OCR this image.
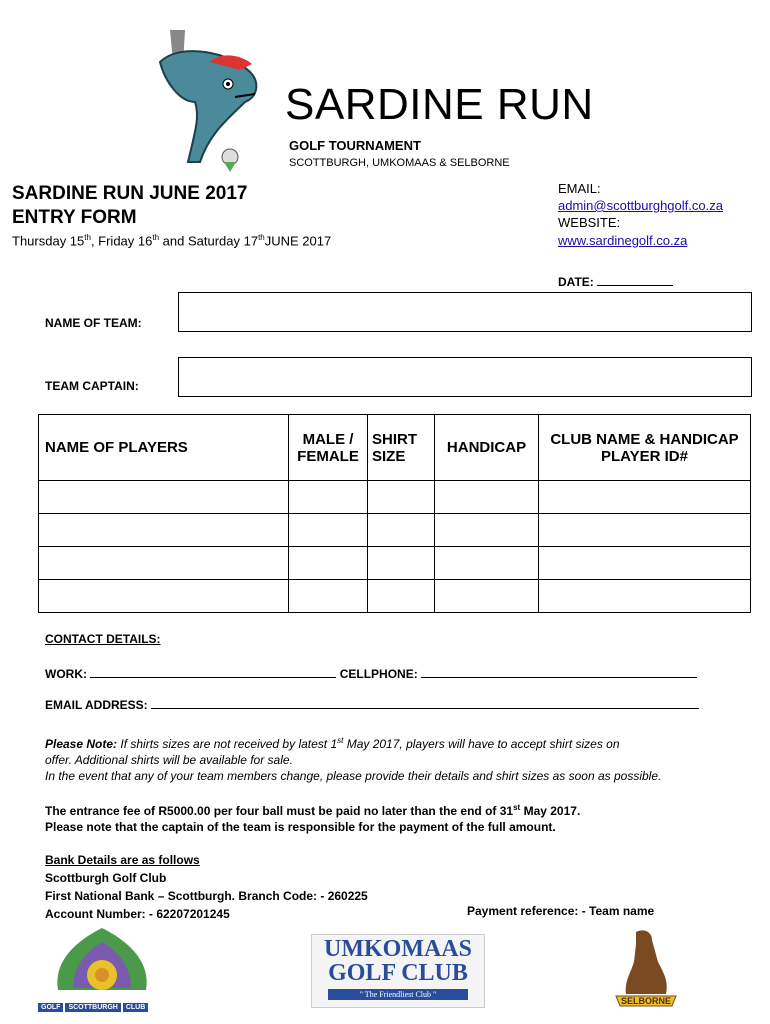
SARDINE RUN
GOLF TOURNAMENT
SCOTTBURGH, UMKOMAAS & SELBORNE
SARDINE RUN JUNE 2017
ENTRY FORM
Thursday 15th, Friday 16th and Saturday 17thJUNE 2017
EMAIL:
admin@scottburghgolf.co.za
WEBSITE:
www.sardinegolf.co.za
DATE:
NAME OF TEAM:
TEAM CAPTAIN:
NAME OF PLAYERS	MALE / FEMALE	SHIRT SIZE	HANDICAP	CLUB NAME & HANDICAP PLAYER ID#

CONTACT DETAILS:
WORK:	CELLPHONE:
EMAIL ADDRESS:
Please Note: If shirts sizes are not received by latest 1st May 2017, players will have to accept shirt sizes on
offer. Additional shirts will be available for sale.
In the event that any of your team members change, please provide their details and shirt sizes as soon as possible.
The entrance fee of R5000.00 per four ball must be paid no later than the end of 31st May 2017.
Please note that the captain of the team is responsible for the payment of the full amount.
Bank Details are as follows
Scottburgh Golf Club
First National Bank – Scottburgh. Branch Code: - 260225
Account Number: - 62207201245	Payment reference: - Team name
GOLF	SCOTTBURGH	CLUB
UMKOMAAS
GOLF CLUB
" The Friendliest Club "
SELBORNE
